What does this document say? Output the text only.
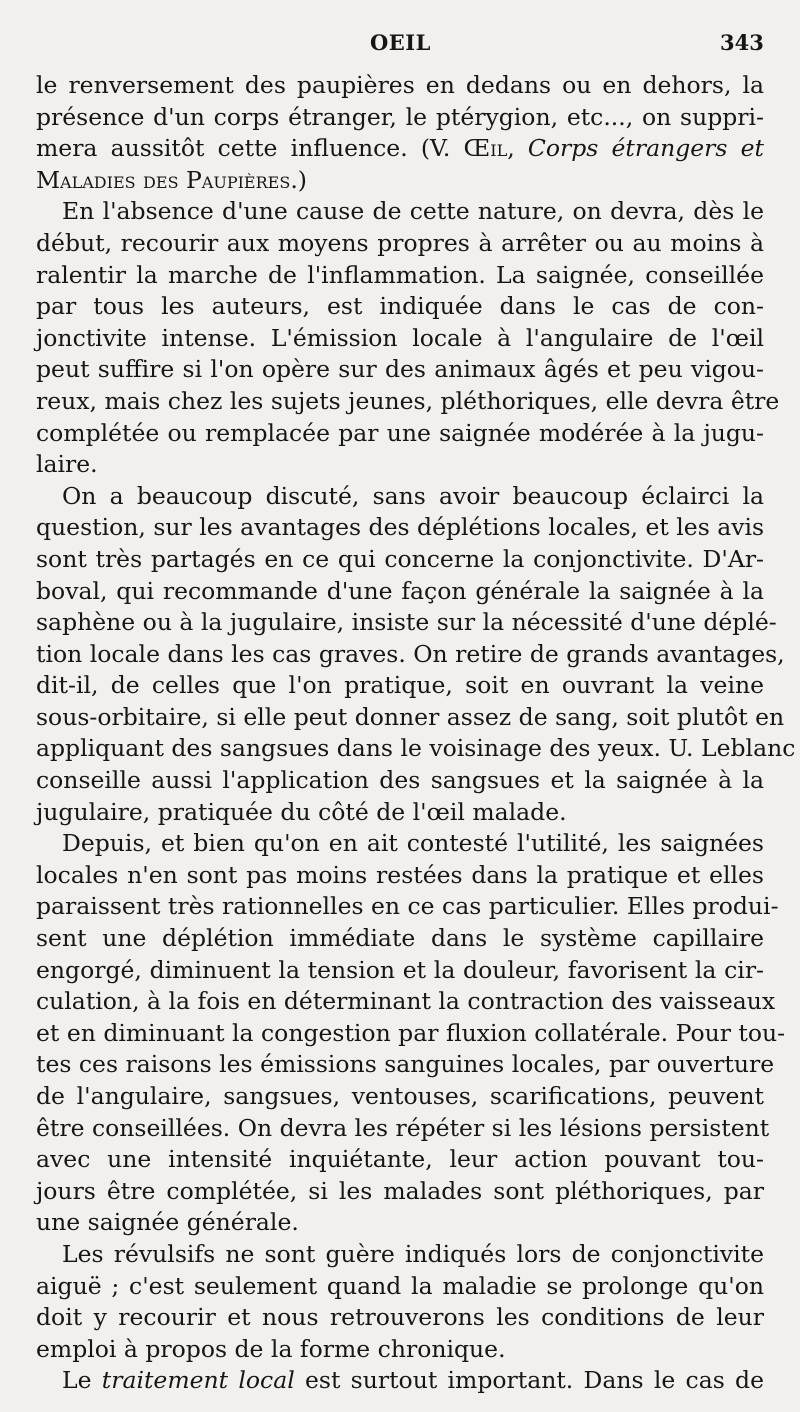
OEIL	343
le renversement des paupières en dedans ou en dehors, la
présence d'un corps étranger, le ptérygion, etc..., on suppri-
mera aussitôt cette influence. (V. Œil, Corps étrangers et
Maladies des Paupières.)
En l'absence d'une cause de cette nature, on devra, dès le
début, recourir aux moyens propres à arrêter ou au moins à
ralentir la marche de l'inflammation. La saignée, conseillée
par tous les auteurs, est indiquée dans le cas de con-
jonctivite intense. L'émission locale à l'angulaire de l'œil
peut suffire si l'on opère sur des animaux âgés et peu vigou-
reux, mais chez les sujets jeunes, pléthoriques, elle devra être
complétée ou remplacée par une saignée modérée à la jugu-
laire.
On a beaucoup discuté, sans avoir beaucoup éclairci la
question, sur les avantages des déplétions locales, et les avis
sont très partagés en ce qui concerne la conjonctivite. D'Ar-
boval, qui recommande d'une façon générale la saignée à la
saphène ou à la jugulaire, insiste sur la nécessité d'une déplé-
tion locale dans les cas graves. On retire de grands avantages,
dit-il, de celles que l'on pratique, soit en ouvrant la veine
sous-orbitaire, si elle peut donner assez de sang, soit plutôt en
appliquant des sangsues dans le voisinage des yeux. U. Leblanc
conseille aussi l'application des sangsues et la saignée à la
jugulaire, pratiquée du côté de l'œil malade.
Depuis, et bien qu'on en ait contesté l'utilité, les saignées
locales n'en sont pas moins restées dans la pratique et elles
paraissent très rationnelles en ce cas particulier. Elles produi-
sent une déplétion immédiate dans le système capillaire
engorgé, diminuent la tension et la douleur, favorisent la cir-
culation, à la fois en déterminant la contraction des vaisseaux
et en diminuant la congestion par fluxion collatérale. Pour tou-
tes ces raisons les émissions sanguines locales, par ouverture
de l'angulaire, sangsues, ventouses, scarifications, peuvent
être conseillées. On devra les répéter si les lésions persistent
avec une intensité inquiétante, leur action pouvant tou-
jours être complétée, si les malades sont pléthoriques, par
une saignée générale.
Les révulsifs ne sont guère indiqués lors de conjonctivite
aiguë ; c'est seulement quand la maladie se prolonge qu'on
doit y recourir et nous retrouverons les conditions de leur
emploi à propos de la forme chronique.
Le traitement local est surtout important. Dans le cas de
